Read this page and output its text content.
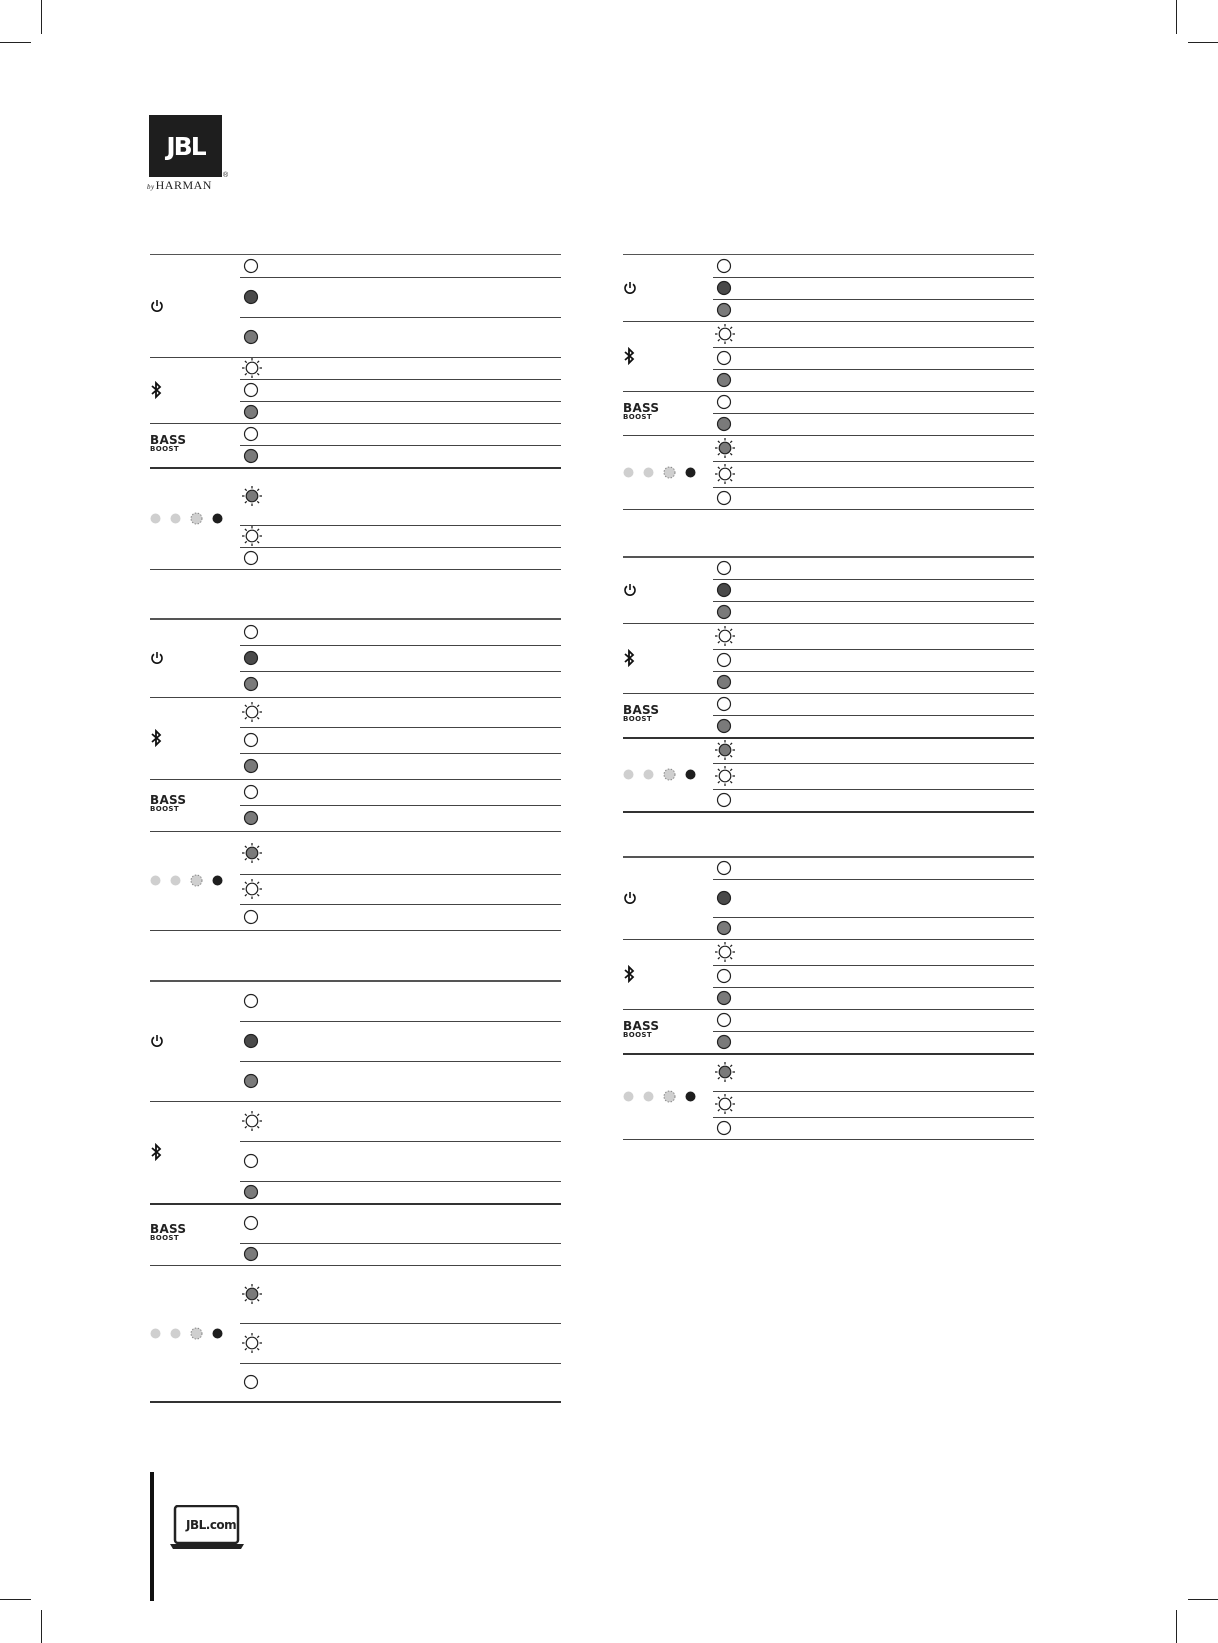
JBL
®
byHARMAN
BASS
BOOST
BASS
BOOST
BASS
BOOST
BASS
BOOST
BASS
BOOST
BASS
BOOST
JBL.com
